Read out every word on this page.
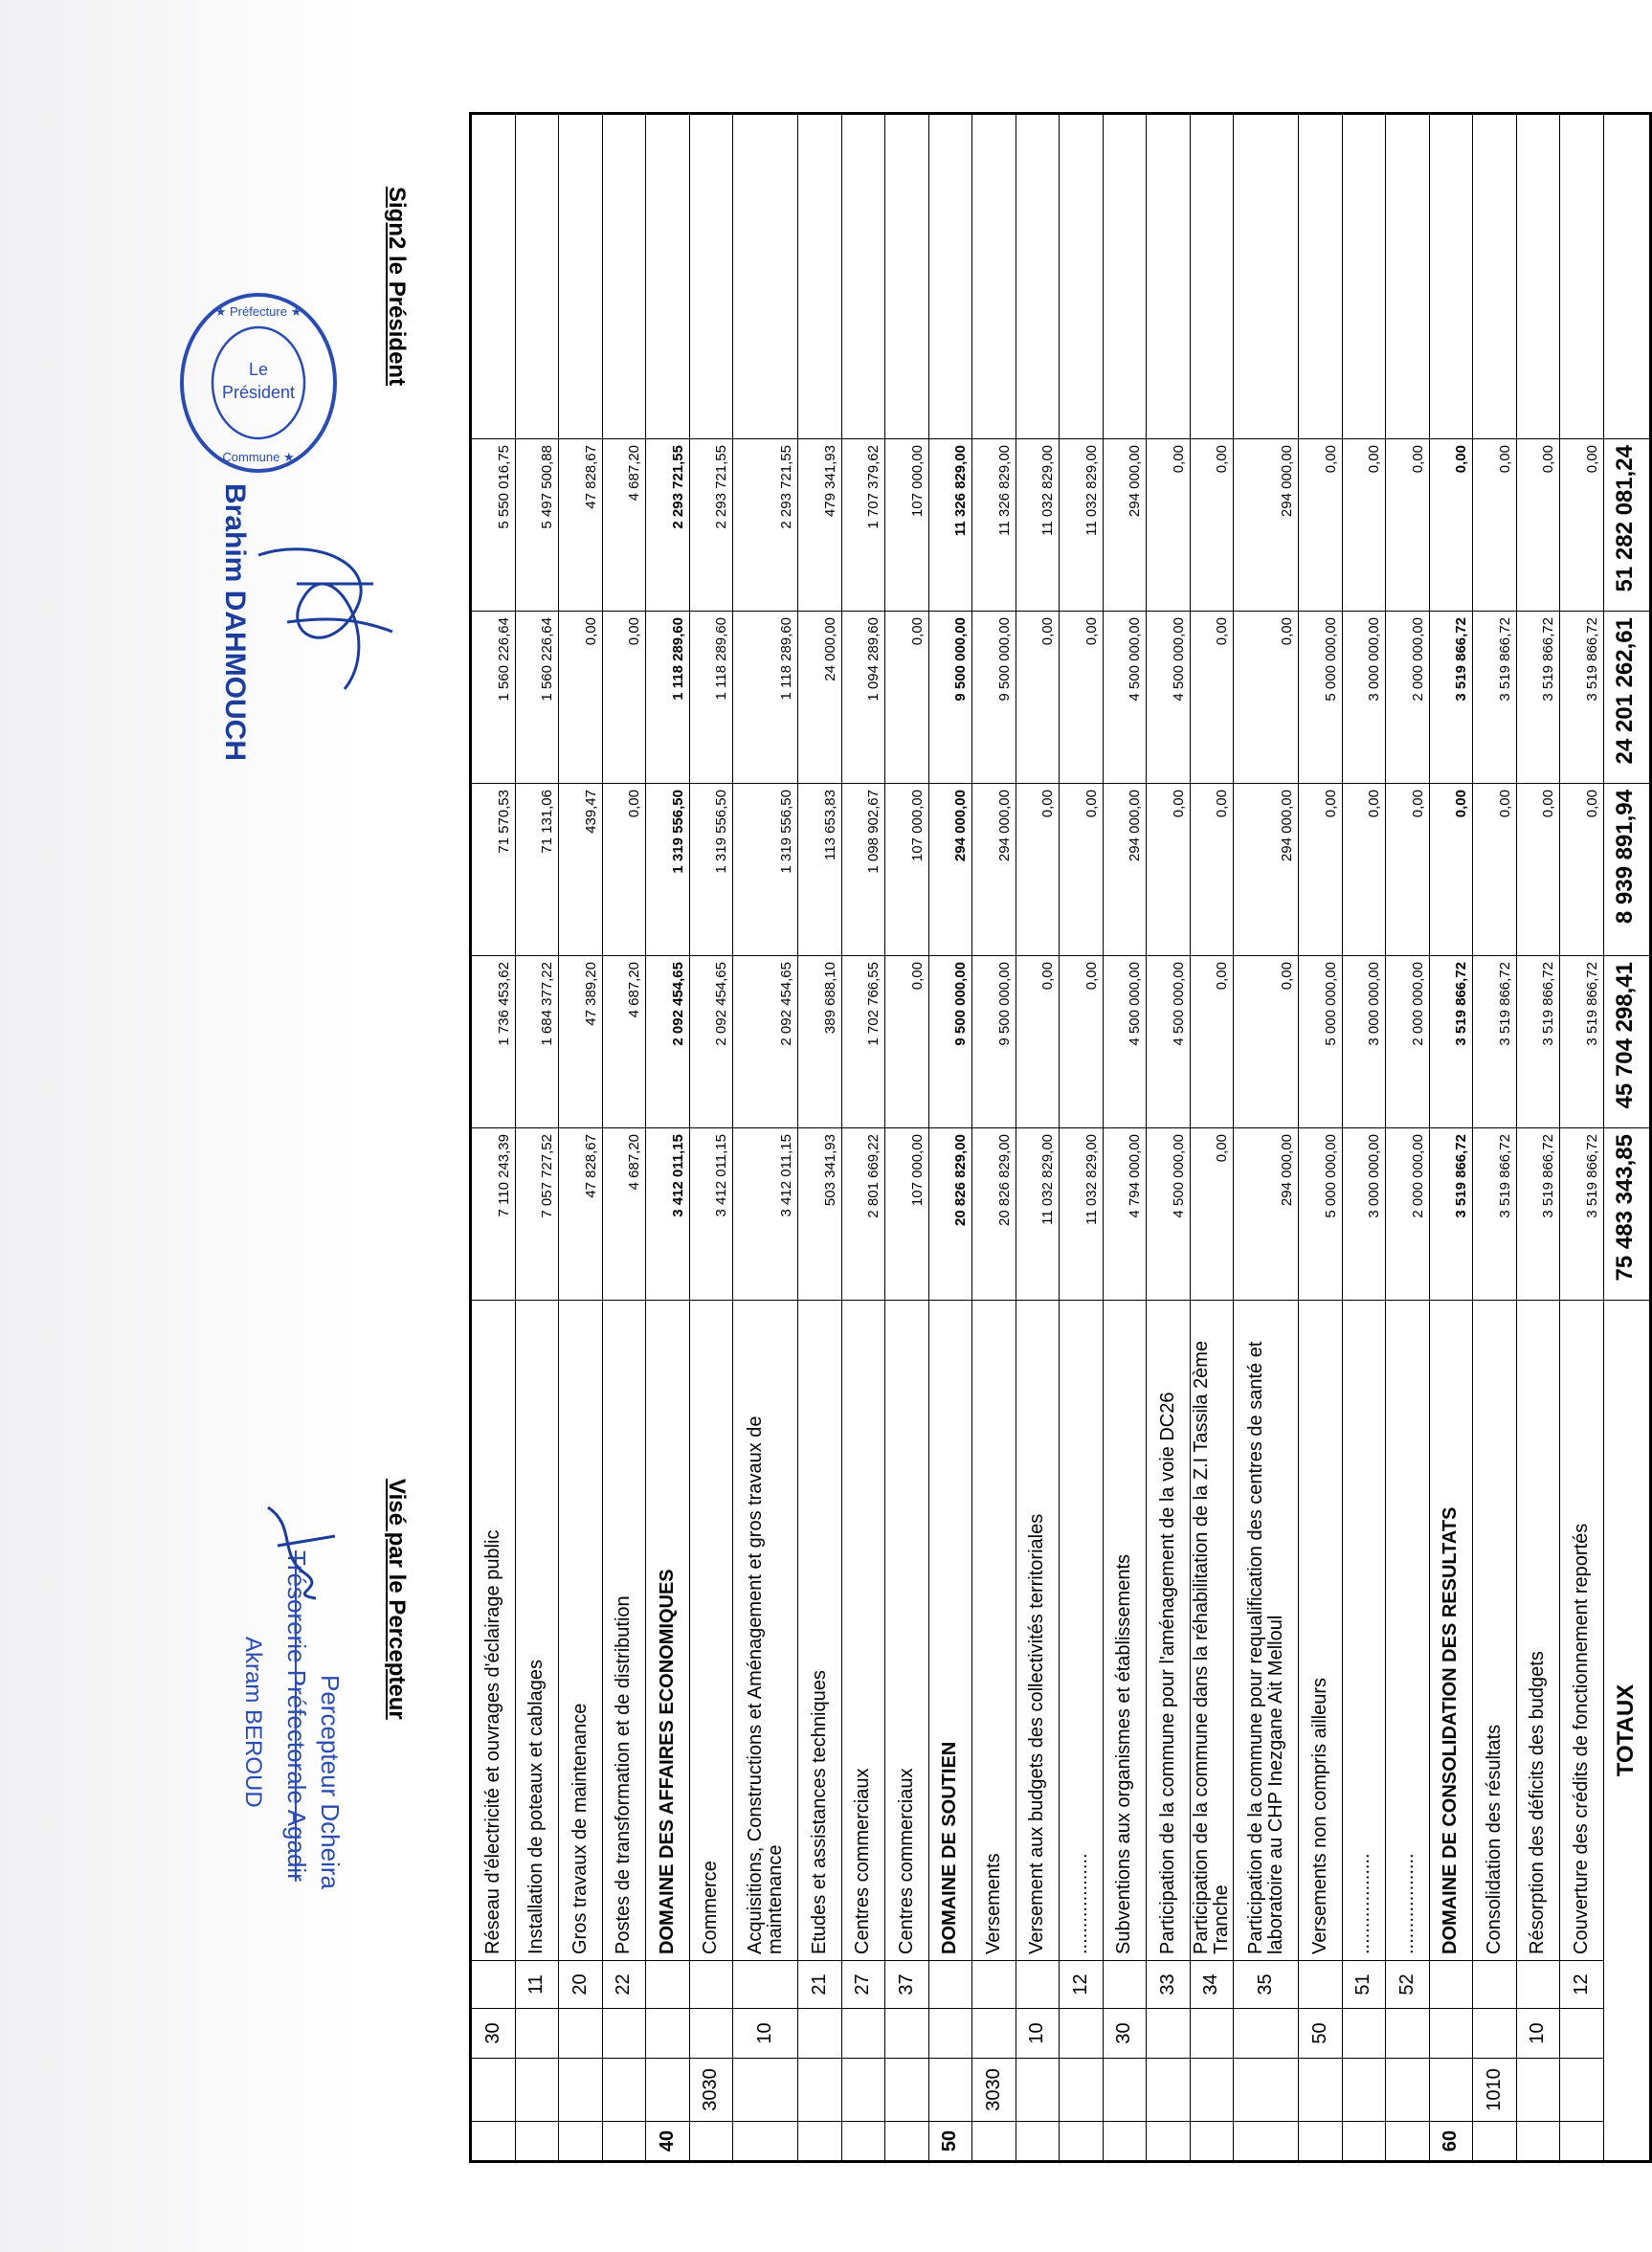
		30		Réseau d'électricité et ouvrages d'éclairage public	7 110 243,39	1 736 453,62	71 570,53	1 560 226,64	5 550 016,75	
			11	Installation de poteaux et cablages	7 057 727,52	1 684 377,22	71 131,06	1 560 226,64	5 497 500,88	
			20	Gros travaux de maintenance	47 828,67	47 389,20	439,47	0,00	47 828,67	
			22	Postes de transformation et de distribution	4 687,20	4 687,20	0,00	0,00	4 687,20	
40				DOMAINE DES AFFAIRES ECONOMIQUES	3 412 011,15	2 092 454,65	1 319 556,50	1 118 289,60	2 293 721,55	
	3030			Commerce	3 412 011,15	2 092 454,65	1 319 556,50	1 118 289,60	2 293 721,55	
		10		Acquisitions, Constructions et Aménagement et gros travaux de maintenance	3 412 011,15	2 092 454,65	1 319 556,50	1 118 289,60	2 293 721,55	
			21	Etudes et assistances techniques	503 341,93	389 688,10	113 653,83	24 000,00	479 341,93	
			27	Centres commerciaux	2 801 669,22	1 702 766,55	1 098 902,67	1 094 289,60	1 707 379,62	
			37	Centres commerciaux	107 000,00	0,00	107 000,00	0,00	107 000,00	
50				DOMAINE DE SOUTIEN	20 826 829,00	9 500 000,00	294 000,00	9 500 000,00	11 326 829,00	
	3030			Versements	20 826 829,00	9 500 000,00	294 000,00	9 500 000,00	11 326 829,00	
		10		Versement aux budgets des collectivités territoriales	11 032 829,00	0,00	0,00	0,00	11 032 829,00	
			12	...................	11 032 829,00	0,00	0,00	0,00	11 032 829,00	
		30		Subventions aux organismes et établissements	4 794 000,00	4 500 000,00	294 000,00	4 500 000,00	294 000,00	
			33	Participation de la commune pour l'aménagement de la voie DC26	4 500 000,00	4 500 000,00	0,00	4 500 000,00	0,00	
			34	Participation de la commune dans la réhabilitation de la Z.I Tassila 2ème Tranche	0,00	0,00	0,00	0,00	0,00	
			35	Participation de la commune pour requalification des centres de santé et laboratoire au CHP Inezgane Ait Melloul	294 000,00	0,00	294 000,00	0,00	294 000,00	
		50		Versements non compris ailleurs	5 000 000,00	5 000 000,00	0,00	5 000 000,00	0,00	
			51	...................	3 000 000,00	3 000 000,00	0,00	3 000 000,00	0,00	
			52	...................	2 000 000,00	2 000 000,00	0,00	2 000 000,00	0,00	
60				DOMAINE DE CONSOLIDATION DES RESULTATS	3 519 866,72	3 519 866,72	0,00	3 519 866,72	0,00	
	1010			Consolidation des résultats	3 519 866,72	3 519 866,72	0,00	3 519 866,72	0,00	
		10		Résorption des déficits des budgets	3 519 866,72	3 519 866,72	0,00	3 519 866,72	0,00	
			12	Couverture des crédits de fonctionnement reportés	3 519 866,72	3 519 866,72	0,00	3 519 866,72	0,00	
TOTAUX					75 483 343,85	45 704 298,41	8 939 891,94	24 201 262,61	51 282 081,24	
Sign2 le Président
Le
Président
★ Préfecture ★
Commune ★
Brahim DAHMOUCH
Visé par le Percepteur
Percepteur Dcheira
Trésorerie Préfectorale Agadir
Akram BEROUD
